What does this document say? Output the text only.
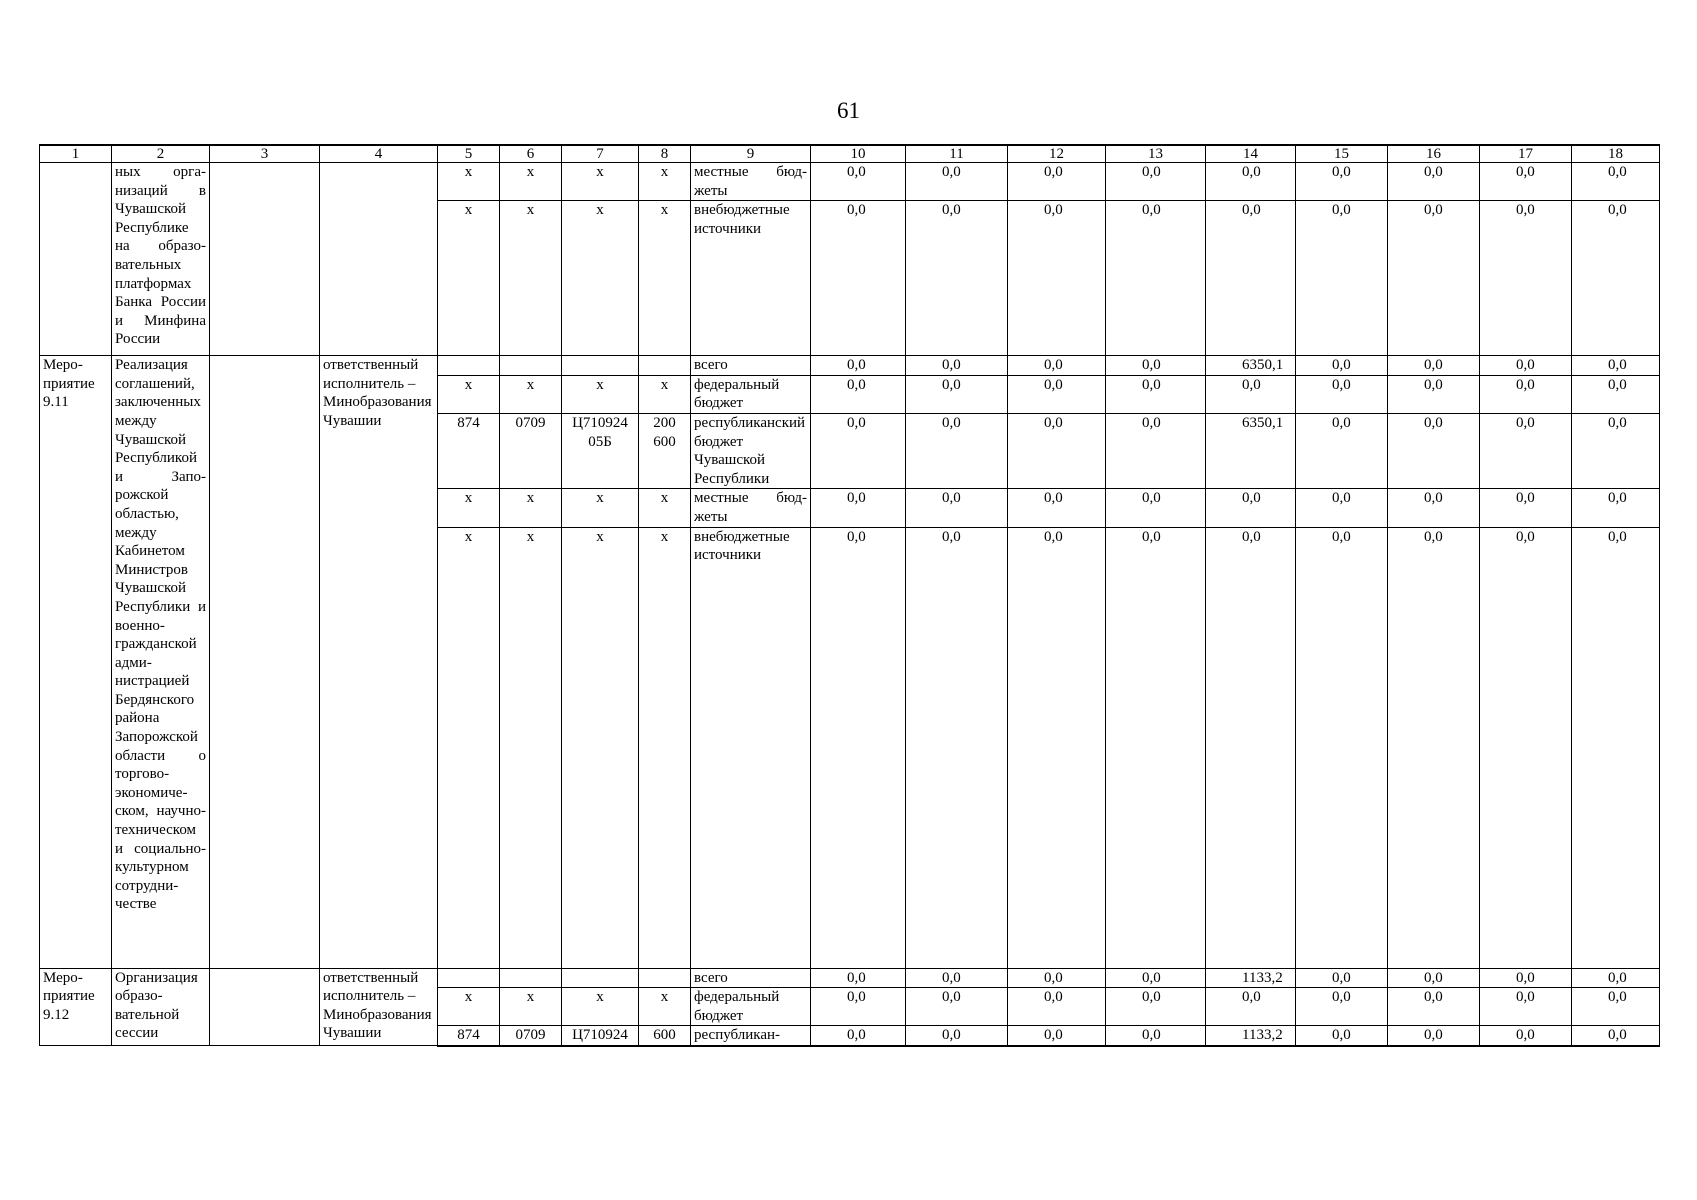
61
1	2	3	4	5	6	7	8	9	10	11	12	13	14	15	16	17	18
	ных организаций в Чувашской Республике на образовательных платформах Банка России и Минфина России			x	x	x	x	местные бюджеты	0,0	0,0	0,0	0,0	0,0	0,0	0,0	0,0	0,0
				x	x	x	x	внебюджетные источники	0,0	0,0	0,0	0,0	0,0	0,0	0,0	0,0	0,0
Мероприятие 9.11	Реализация соглашений, заключенных между Чувашской Республикой и Запорожской областью, между Кабинетом Министров Чувашской Республики и военно-гражданской администрацией Бердянского района Запорожской области о торгово-экономическом, научно-техническом и социально-культурном сотрудничестве		ответственный исполнитель – Минобразования Чувашии					всего	0,0	0,0	0,0	0,0	6350,1	0,0	0,0	0,0	0,0
				x	x	x	x	федеральный бюджет	0,0	0,0	0,0	0,0	0,0	0,0	0,0	0,0	0,0
				874	0709	Ц710924 05Б	200 600	республиканский бюджет Чувашской Республики	0,0	0,0	0,0	0,0	6350,1	0,0	0,0	0,0	0,0
				x	x	x	x	местные бюджеты	0,0	0,0	0,0	0,0	0,0	0,0	0,0	0,0	0,0
				x	x	x	x	внебюджетные источники	0,0	0,0	0,0	0,0	0,0	0,0	0,0	0,0	0,0
Мероприятие 9.12	Организация образовательной сессии		ответственный исполнитель – Минобразования Чувашии					всего	0,0	0,0	0,0	0,0	1133,2	0,0	0,0	0,0	0,0
				x	x	x	x	федеральный бюджет	0,0	0,0	0,0	0,0	0,0	0,0	0,0	0,0	0,0
				874	0709	Ц710924	600	республикан-	0,0	0,0	0,0	0,0	1133,2	0,0	0,0	0,0	0,0
